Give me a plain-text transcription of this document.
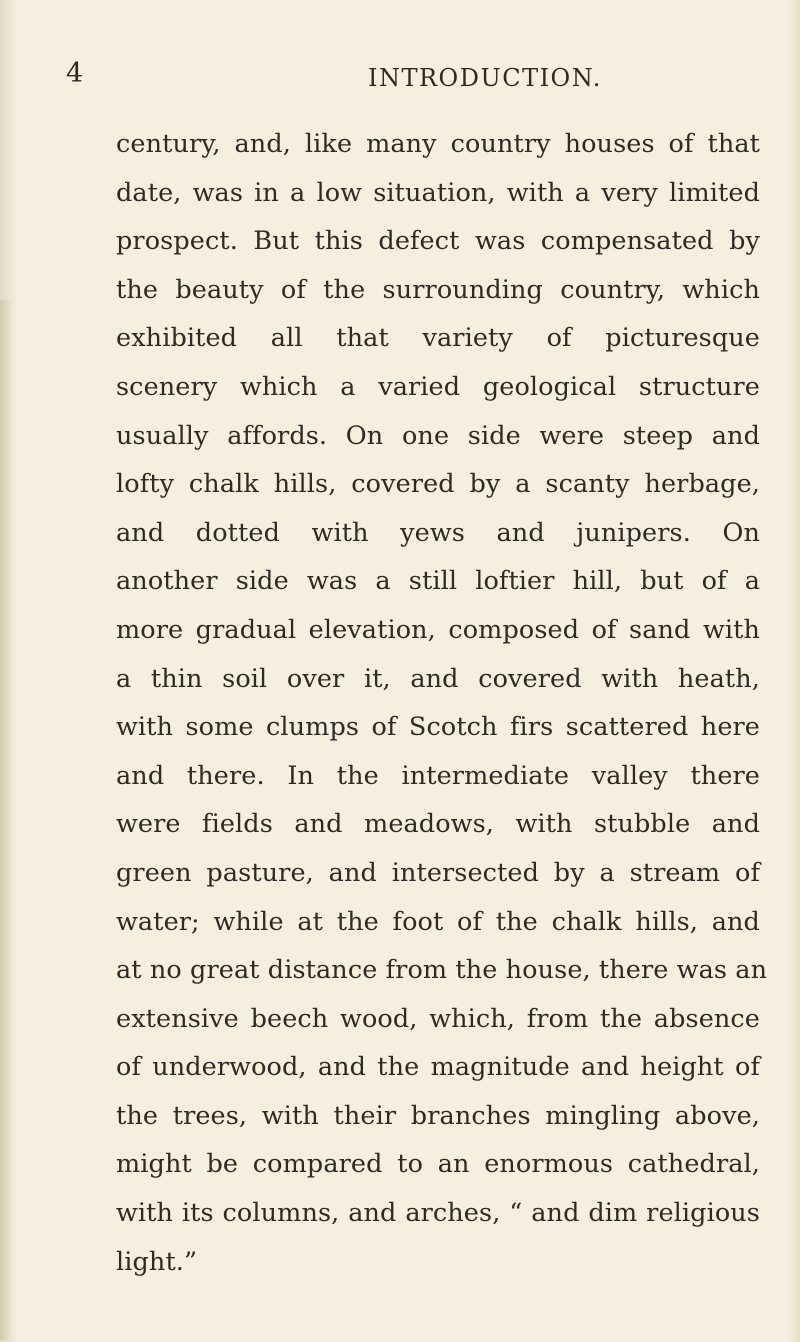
4	INTRODUCTION.
century, and, like many country houses of that
date, was in a low situation, with a very limited
prospect. But this defect was compensated by
the beauty of the surrounding country, which
exhibited all that variety of picturesque
scenery which a varied geological structure
usually affords. On one side were steep and
lofty chalk hills, covered by a scanty herbage,
and dotted with yews and junipers. On
another side was a still loftier hill, but of a
more gradual elevation, composed of sand with
a thin soil over it, and covered with heath,
with some clumps of Scotch firs scattered here
and there. In the intermediate valley there
were fields and meadows, with stubble and
green pasture, and intersected by a stream of
water; while at the foot of the chalk hills, and
at no great distance from the house, there was an
extensive beech wood, which, from the absence
of underwood, and the magnitude and height of
the trees, with their branches mingling above,
might be compared to an enormous cathedral,
with its columns, and arches, “ and dim religious
light.”
